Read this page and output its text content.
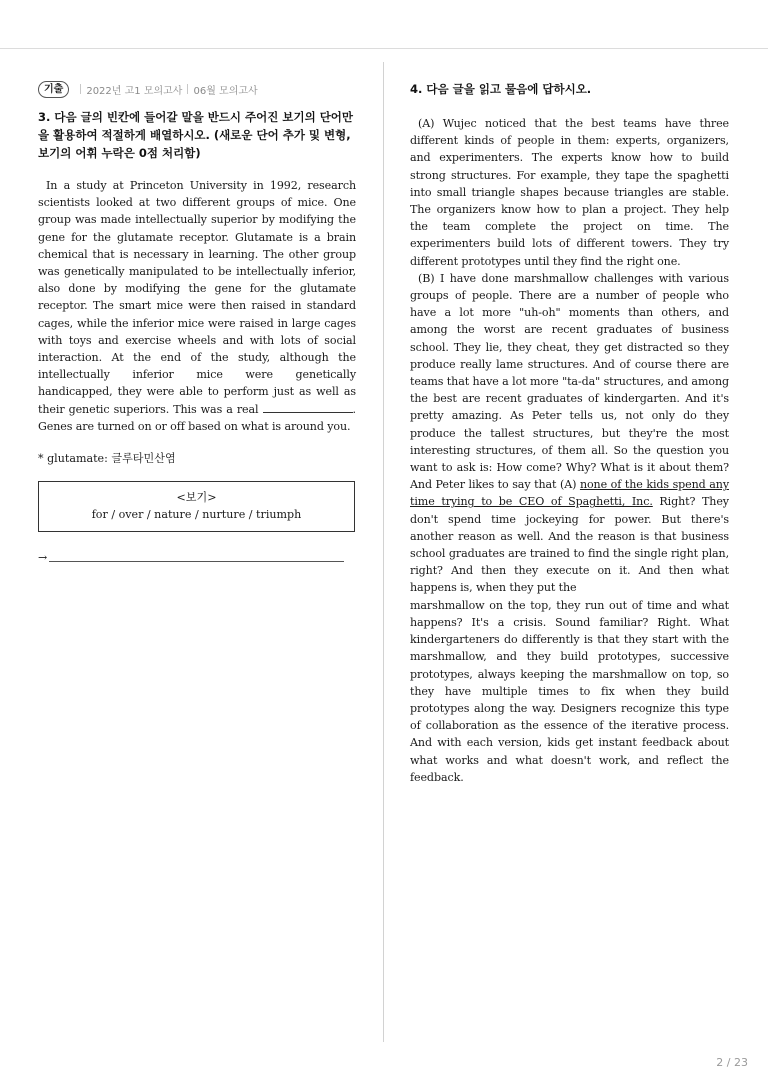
기출	2022년 고1 모의고사 06월 모의고사
3. 다음 글의 빈칸에 들어갈 말을 반드시 주어진 보기의 단어만을 활용하여 적절하게 배열하시오. (새로운 단어 추가 및 변형, 보기의 어휘 누락은 0점 처리함)

In a study at Princeton University in 1992, research scientists looked at two different groups of mice. One group was made intellectually superior by modifying the gene for the glutamate receptor. Glutamate is a brain chemical that is necessary in learning. The other group was genetically manipulated to be intellectually inferior, also done by modifying the gene for the glutamate receptor. The smart mice were then raised in standard cages, while the inferior mice were raised in large cages with toys and exercise wheels and with lots of social interaction. At the end of the study, although the intellectually inferior mice were genetically handicapped, they were able to perform just as well as their genetic superiors. This was a real	. Genes are turned on or off based on what is around you.

* glutamate: 글루타민산염
<보기>
for / over / nature / nurture / triumph
→
4. 다음 글을 읽고 물음에 답하시오.

(A) Wujec noticed that the best teams have three different kinds of people in them: experts, organizers, and experimenters. The experts know how to build strong structures. For example, they tape the spaghetti into small triangle shapes because triangles are stable. The organizers know how to plan a project. They help the team complete the project on time. The experimenters build lots of different towers. They try different prototypes until they find the right one.

(B) I have done marshmallow challenges with various groups of people. There are a number of people who have a lot more "uh-oh" moments than others, and among the worst are recent graduates of business school. They lie, they cheat, they get distracted so they produce really lame structures. And of course there are teams that have a lot more "ta-da" structures, and among the best are recent graduates of kindergarten. And it's pretty amazing. As Peter tells us, not only do they produce the tallest structures, but they're the most interesting structures, of them all. So the question you want to ask is: How come? Why? What is it about them? And Peter likes to say that (A) none of the kids spend any time trying to be CEO of Spaghetti, Inc. Right? They don't spend time jockeying for power. But there's another reason as well. And the reason is that business school graduates are trained to find the single right plan, right? And then they execute on it. And then what happens is, when they put the

marshmallow on the top, they run out of time and what happens? It's a crisis. Sound familiar? Right. What kindergarteners do differently is that they start with the marshmallow, and they build prototypes, successive prototypes, always keeping the marshmallow on top, so they have multiple times to fix when they build prototypes along the way. Designers recognize this type of collaboration as the essence of the iterative process. And with each version, kids get instant feedback about what works and what doesn't work, and reflect the feedback.

2 / 23
